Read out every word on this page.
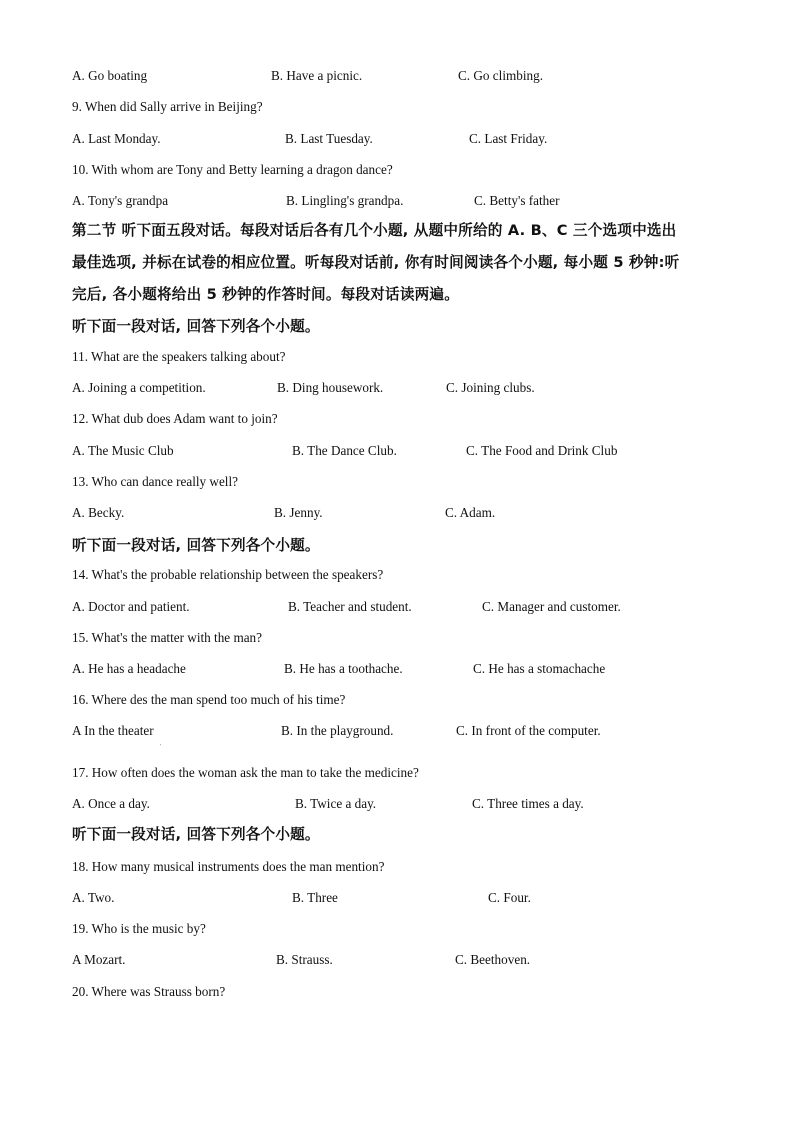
A. Go boating	B. Have a picnic.	C. Go climbing.
9. When did Sally arrive in Beijing?
A. Last Monday.	B. Last Tuesday.	C. Last Friday.
10. With whom are Tony and Betty learning a dragon dance?
A. Tony's grandpa	B. Lingling's grandpa.	C. Betty's father
第二节 听下面五段对话。每段对话后各有几个小题, 从题中所给的 A. B、C 三个选项中选出
最佳选项, 并标在试卷的相应位置。听每段对话前, 你有时间阅读各个小题, 每小题 5 秒钟:听
完后, 各小题将给出 5 秒钟的作答时间。每段对话读两遍。
听下面一段对话, 回答下列各个小题。
11. What are the speakers talking about?
A. Joining a competition.	B. Ding housework.	C. Joining clubs.
12. What dub does Adam want to join?
A. The Music Club	B. The Dance Club.	C. The Food and Drink Club
13. Who can dance really well?
A. Becky.	B. Jenny.	C. Adam.
听下面一段对话, 回答下列各个小题。
14. What's the probable relationship between the speakers?
A. Doctor and patient.	B. Teacher and student.	C. Manager and customer.
15. What's the matter with the man?
A. He has a headache	B. He has a toothache.	C. He has a stomachache
16. Where des the man spend too much of his time?
A In the theater	B. In the playground.	C. In front of the computer.
17. How often does the woman ask the man to take the medicine?
A. Once a day.	B. Twice a day.	C. Three times a day.
听下面一段对话, 回答下列各个小题。
18. How many musical instruments does the man mention?
A. Two.	B. Three	C. Four.
19. Who is the music by?
A Mozart.	B. Strauss.	C. Beethoven.
20. Where was Strauss born?
'
